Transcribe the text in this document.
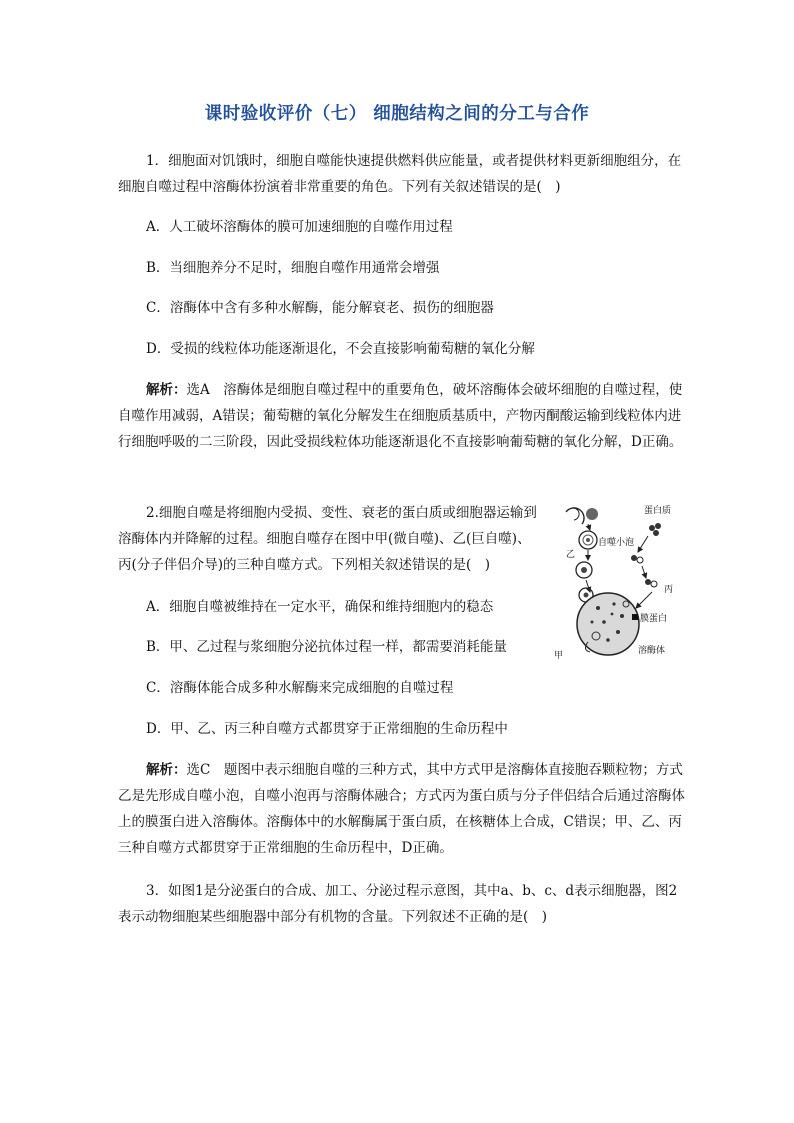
课时验收评价（七） 细胞结构之间的分工与合作

1．细胞面对饥饿时，细胞自噬能快速提供燃料供应能量，或者提供材料更新细胞组分，在细胞自噬过程中溶酶体扮演着非常重要的角色。下列有关叙述错误的是(　)

A．人工破坏溶酶体的膜可加速细胞的自噬作用过程

B．当细胞养分不足时，细胞自噬作用通常会增强

C．溶酶体中含有多种水解酶，能分解衰老、损伤的细胞器

D．受损的线粒体功能逐渐退化，不会直接影响葡萄糖的氧化分解

解析：选A　溶酶体是细胞自噬过程中的重要角色，破坏溶酶体会破坏细胞的自噬过程，使自噬作用减弱，A错误；葡萄糖的氧化分解发生在细胞质基质中，产物丙酮酸运输到线粒体内进行细胞呼吸的二三阶段，因此受损线粒体功能逐渐退化不直接影响葡萄糖的氧化分解，D正确。

2.细胞自噬是将细胞内受损、变性、衰老的蛋白质或细胞器运输到溶酶体内并降解的过程。细胞自噬存在图中甲(微自噬)、乙(巨自噬)、丙(分子伴侣介导)的三种自噬方式。下列相关叙述错误的是(　)

自噬小泡
乙
蛋白质
丙
膜蛋白
甲	溶酶体

A．细胞自噬被维持在一定水平，确保和维持细胞内的稳态

B．甲、乙过程与浆细胞分泌抗体过程一样，都需要消耗能量

C．溶酶体能合成多种水解酶来完成细胞的自噬过程

D．甲、乙、丙三种自噬方式都贯穿于正常细胞的生命历程中

解析：选C　题图中表示细胞自噬的三种方式，其中方式甲是溶酶体直接胞吞颗粒物；方式乙是先形成自噬小泡，自噬小泡再与溶酶体融合；方式丙为蛋白质与分子伴侣结合后通过溶酶体上的膜蛋白进入溶酶体。溶酶体中的水解酶属于蛋白质，在核糖体上合成，C错误；甲、乙、丙三种自噬方式都贯穿于正常细胞的生命历程中，D正确。

3．如图1是分泌蛋白的合成、加工、分泌过程示意图，其中a、b、c、d表示细胞器，图2表示动物细胞某些细胞器中部分有机物的含量。下列叙述不正确的是(　)
